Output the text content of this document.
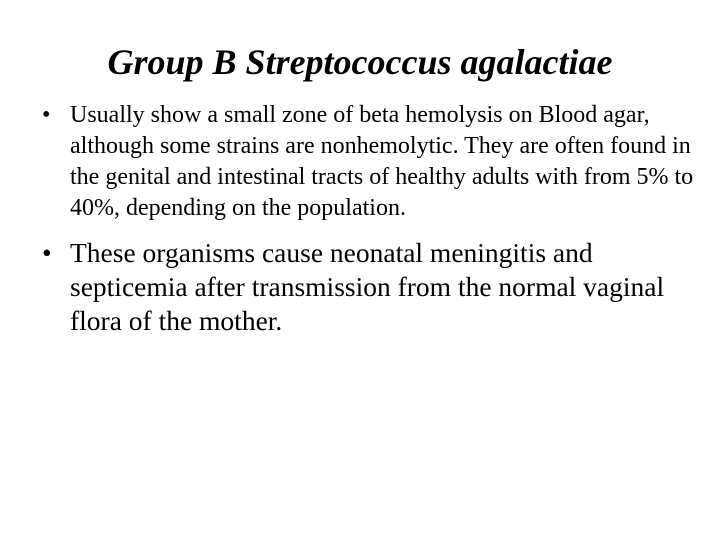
Group B Streptococcus agalactiae
• Usually show a small zone of beta hemolysis on Blood agar, although some strains are nonhemolytic. They are often found in the genital and intestinal tracts of healthy adults with from 5% to 40%, depending on the population.
• These organisms cause neonatal meningitis and septicemia after transmission from the normal vaginal flora of the mother.
